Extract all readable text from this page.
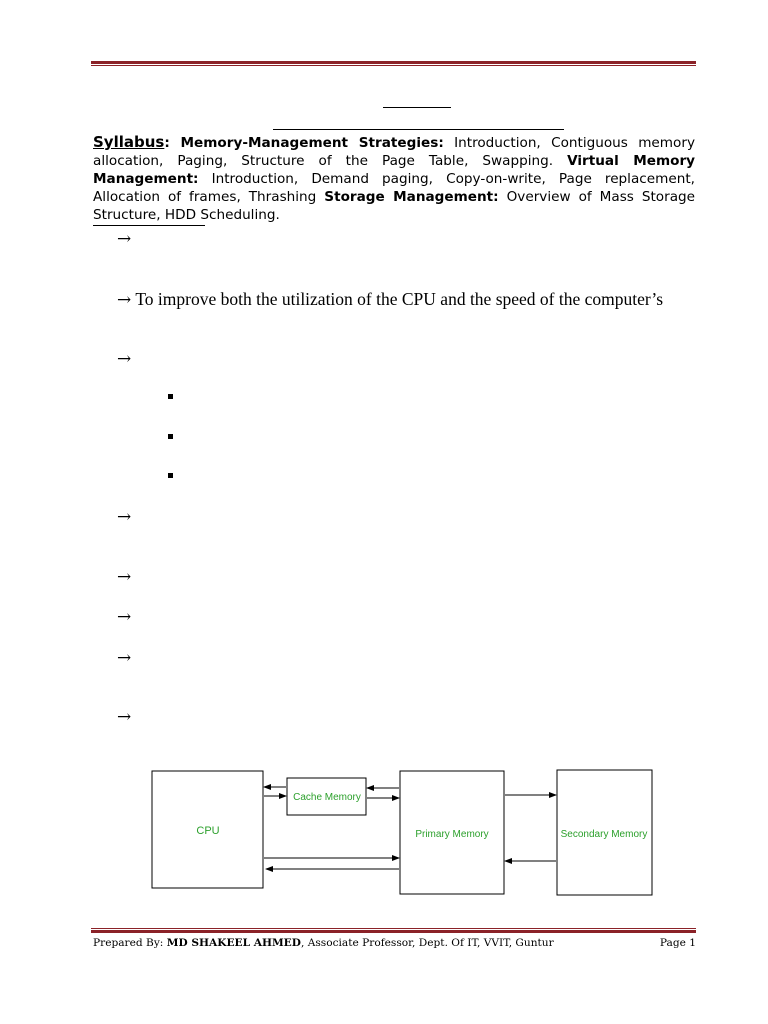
Syllabus: Memory-Management Strategies: Introduction, Contiguous memory allocation, Paging, Structure of the Page Table, Swapping. Virtual Memory Management: Introduction, Demand paging, Copy-on-write, Page replacement, Allocation of frames, Thrashing Storage Management: Overview of Mass Storage Structure, HDD Scheduling.
→
→ To improve both the utilization of the CPU and the speed of the computer’s
→
→
→
→
→
→
CPU
Cache Memory
Primary Memory	Secondary Memory
Prepared By: MD SHAKEEL AHMED, Associate Professor, Dept. Of IT, VVIT, Guntur	Page 1
